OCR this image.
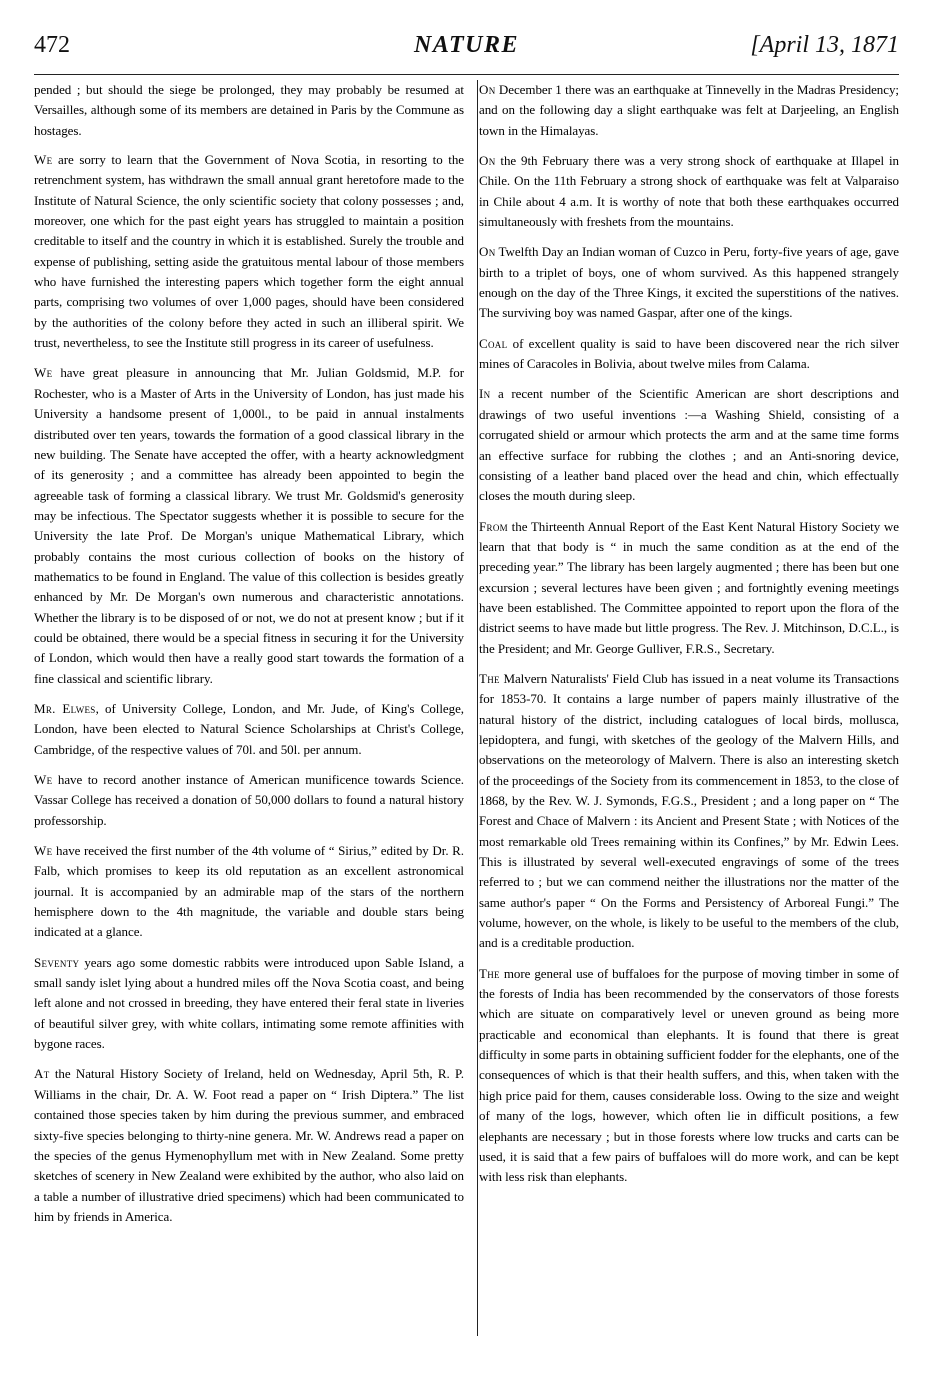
472	NATURE	[April 13, 1871

pended ; but should the siege be prolonged, they may probably be resumed at Versailles, although some of its members are detained in Paris by the Commune as hostages.

We are sorry to learn that the Government of Nova Scotia, in resorting to the retrenchment system, has withdrawn the small annual grant heretofore made to the Institute of Natural Science, the only scientific society that colony possesses ; and, moreover, one which for the past eight years has struggled to maintain a position creditable to itself and the country in which it is established. Surely the trouble and expense of publishing, setting aside the gratuitous mental labour of those members who have furnished the interesting papers which together form the eight annual parts, comprising two volumes of over 1,000 pages, should have been considered by the authorities of the colony before they acted in such an illiberal spirit. We trust, nevertheless, to see the Institute still progress in its career of usefulness.

We have great pleasure in announcing that Mr. Julian Goldsmid, M.P. for Rochester, who is a Master of Arts in the University of London, has just made his University a handsome present of 1,000l., to be paid in annual instalments distributed over ten years, towards the formation of a good classical library in the new building. The Senate have accepted the offer, with a hearty acknowledgment of its generosity ; and a committee has already been appointed to begin the agreeable task of forming a classical library. We trust Mr. Goldsmid's generosity may be infectious. The Spectator suggests whether it is possible to secure for the University the late Prof. De Morgan's unique Mathematical Library, which probably contains the most curious collection of books on the history of mathematics to be found in England. The value of this collection is besides greatly enhanced by Mr. De Morgan's own numerous and characteristic annotations. Whether the library is to be disposed of or not, we do not at present know ; but if it could be obtained, there would be a special fitness in securing it for the University of London, which would then have a really good start towards the formation of a fine classical and scientific library.

Mr. Elwes, of University College, London, and Mr. Jude, of King's College, London, have been elected to Natural Science Scholarships at Christ's College, Cambridge, of the respective values of 70l. and 50l. per annum.

We have to record another instance of American munificence towards Science. Vassar College has received a donation of 50,000 dollars to found a natural history professorship.

We have received the first number of the 4th volume of “ Sirius,” edited by Dr. R. Falb, which promises to keep its old reputation as an excellent astronomical journal. It is accompanied by an admirable map of the stars of the northern hemisphere down to the 4th magnitude, the variable and double stars being indicated at a glance.

Seventy years ago some domestic rabbits were introduced upon Sable Island, a small sandy islet lying about a hundred miles off the Nova Scotia coast, and being left alone and not crossed in breeding, they have entered their feral state in liveries of beautiful silver grey, with white collars, intimating some remote affinities with bygone races.

At the Natural History Society of Ireland, held on Wednesday, April 5th, R. P. Williams in the chair, Dr. A. W. Foot read a paper on “ Irish Diptera.” The list contained those species taken by him during the previous summer, and embraced sixty-five species belonging to thirty-nine genera. Mr. W. Andrews read a paper on the species of the genus Hymenophyllum met with in New Zealand. Some pretty sketches of scenery in New Zealand were exhibited by the author, who also laid on a table a number of illustrative dried specimens) which had been communicated to him by friends in America.

On December 1 there was an earthquake at Tinnevelly in the Madras Presidency; and on the following day a slight earthquake was felt at Darjeeling, an English town in the Himalayas.

On the 9th February there was a very strong shock of earthquake at Illapel in Chile. On the 11th February a strong shock of earthquake was felt at Valparaiso in Chile about 4 a.m. It is worthy of note that both these earthquakes occurred simultaneously with freshets from the mountains.

On Twelfth Day an Indian woman of Cuzco in Peru, forty-five years of age, gave birth to a triplet of boys, one of whom survived. As this happened strangely enough on the day of the Three Kings, it excited the superstitions of the natives. The surviving boy was named Gaspar, after one of the kings.

Coal of excellent quality is said to have been discovered near the rich silver mines of Caracoles in Bolivia, about twelve miles from Calama.

In a recent number of the Scientific American are short descriptions and drawings of two useful inventions :—a Washing Shield, consisting of a corrugated shield or armour which protects the arm and at the same time forms an effective surface for rubbing the clothes ; and an Anti-snoring device, consisting of a leather band placed over the head and chin, which effectually closes the mouth during sleep.

From the Thirteenth Annual Report of the East Kent Natural History Society we learn that that body is “ in much the same condition as at the end of the preceding year.” The library has been largely augmented ; there has been but one excursion ; several lectures have been given ; and fortnightly evening meetings have been established. The Committee appointed to report upon the flora of the district seems to have made but little progress. The Rev. J. Mitchinson, D.C.L., is the President; and Mr. George Gulliver, F.R.S., Secretary.

The Malvern Naturalists' Field Club has issued in a neat volume its Transactions for 1853-70. It contains a large number of papers mainly illustrative of the natural history of the district, including catalogues of local birds, mollusca, lepidoptera, and fungi, with sketches of the geology of the Malvern Hills, and observations on the meteorology of Malvern. There is also an interesting sketch of the proceedings of the Society from its commencement in 1853, to the close of 1868, by the Rev. W. J. Symonds, F.G.S., President ; and a long paper on “ The Forest and Chace of Malvern : its Ancient and Present State ; with Notices of the most remarkable old Trees remaining within its Confines,” by Mr. Edwin Lees. This is illustrated by several well-executed engravings of some of the trees referred to ; but we can commend neither the illustrations nor the matter of the same author's paper “ On the Forms and Persistency of Arboreal Fungi.” The volume, however, on the whole, is likely to be useful to the members of the club, and is a creditable production.

The more general use of buffaloes for the purpose of moving timber in some of the forests of India has been recommended by the conservators of those forests which are situate on comparatively level or uneven ground as being more practicable and economical than elephants. It is found that there is great difficulty in some parts in obtaining sufficient fodder for the elephants, one of the consequences of which is that their health suffers, and this, when taken with the high price paid for them, causes considerable loss. Owing to the size and weight of many of the logs, however, which often lie in difficult positions, a few elephants are necessary ; but in those forests where low trucks and carts can be used, it is said that a few pairs of buffaloes will do more work, and can be kept with less risk than elephants.
